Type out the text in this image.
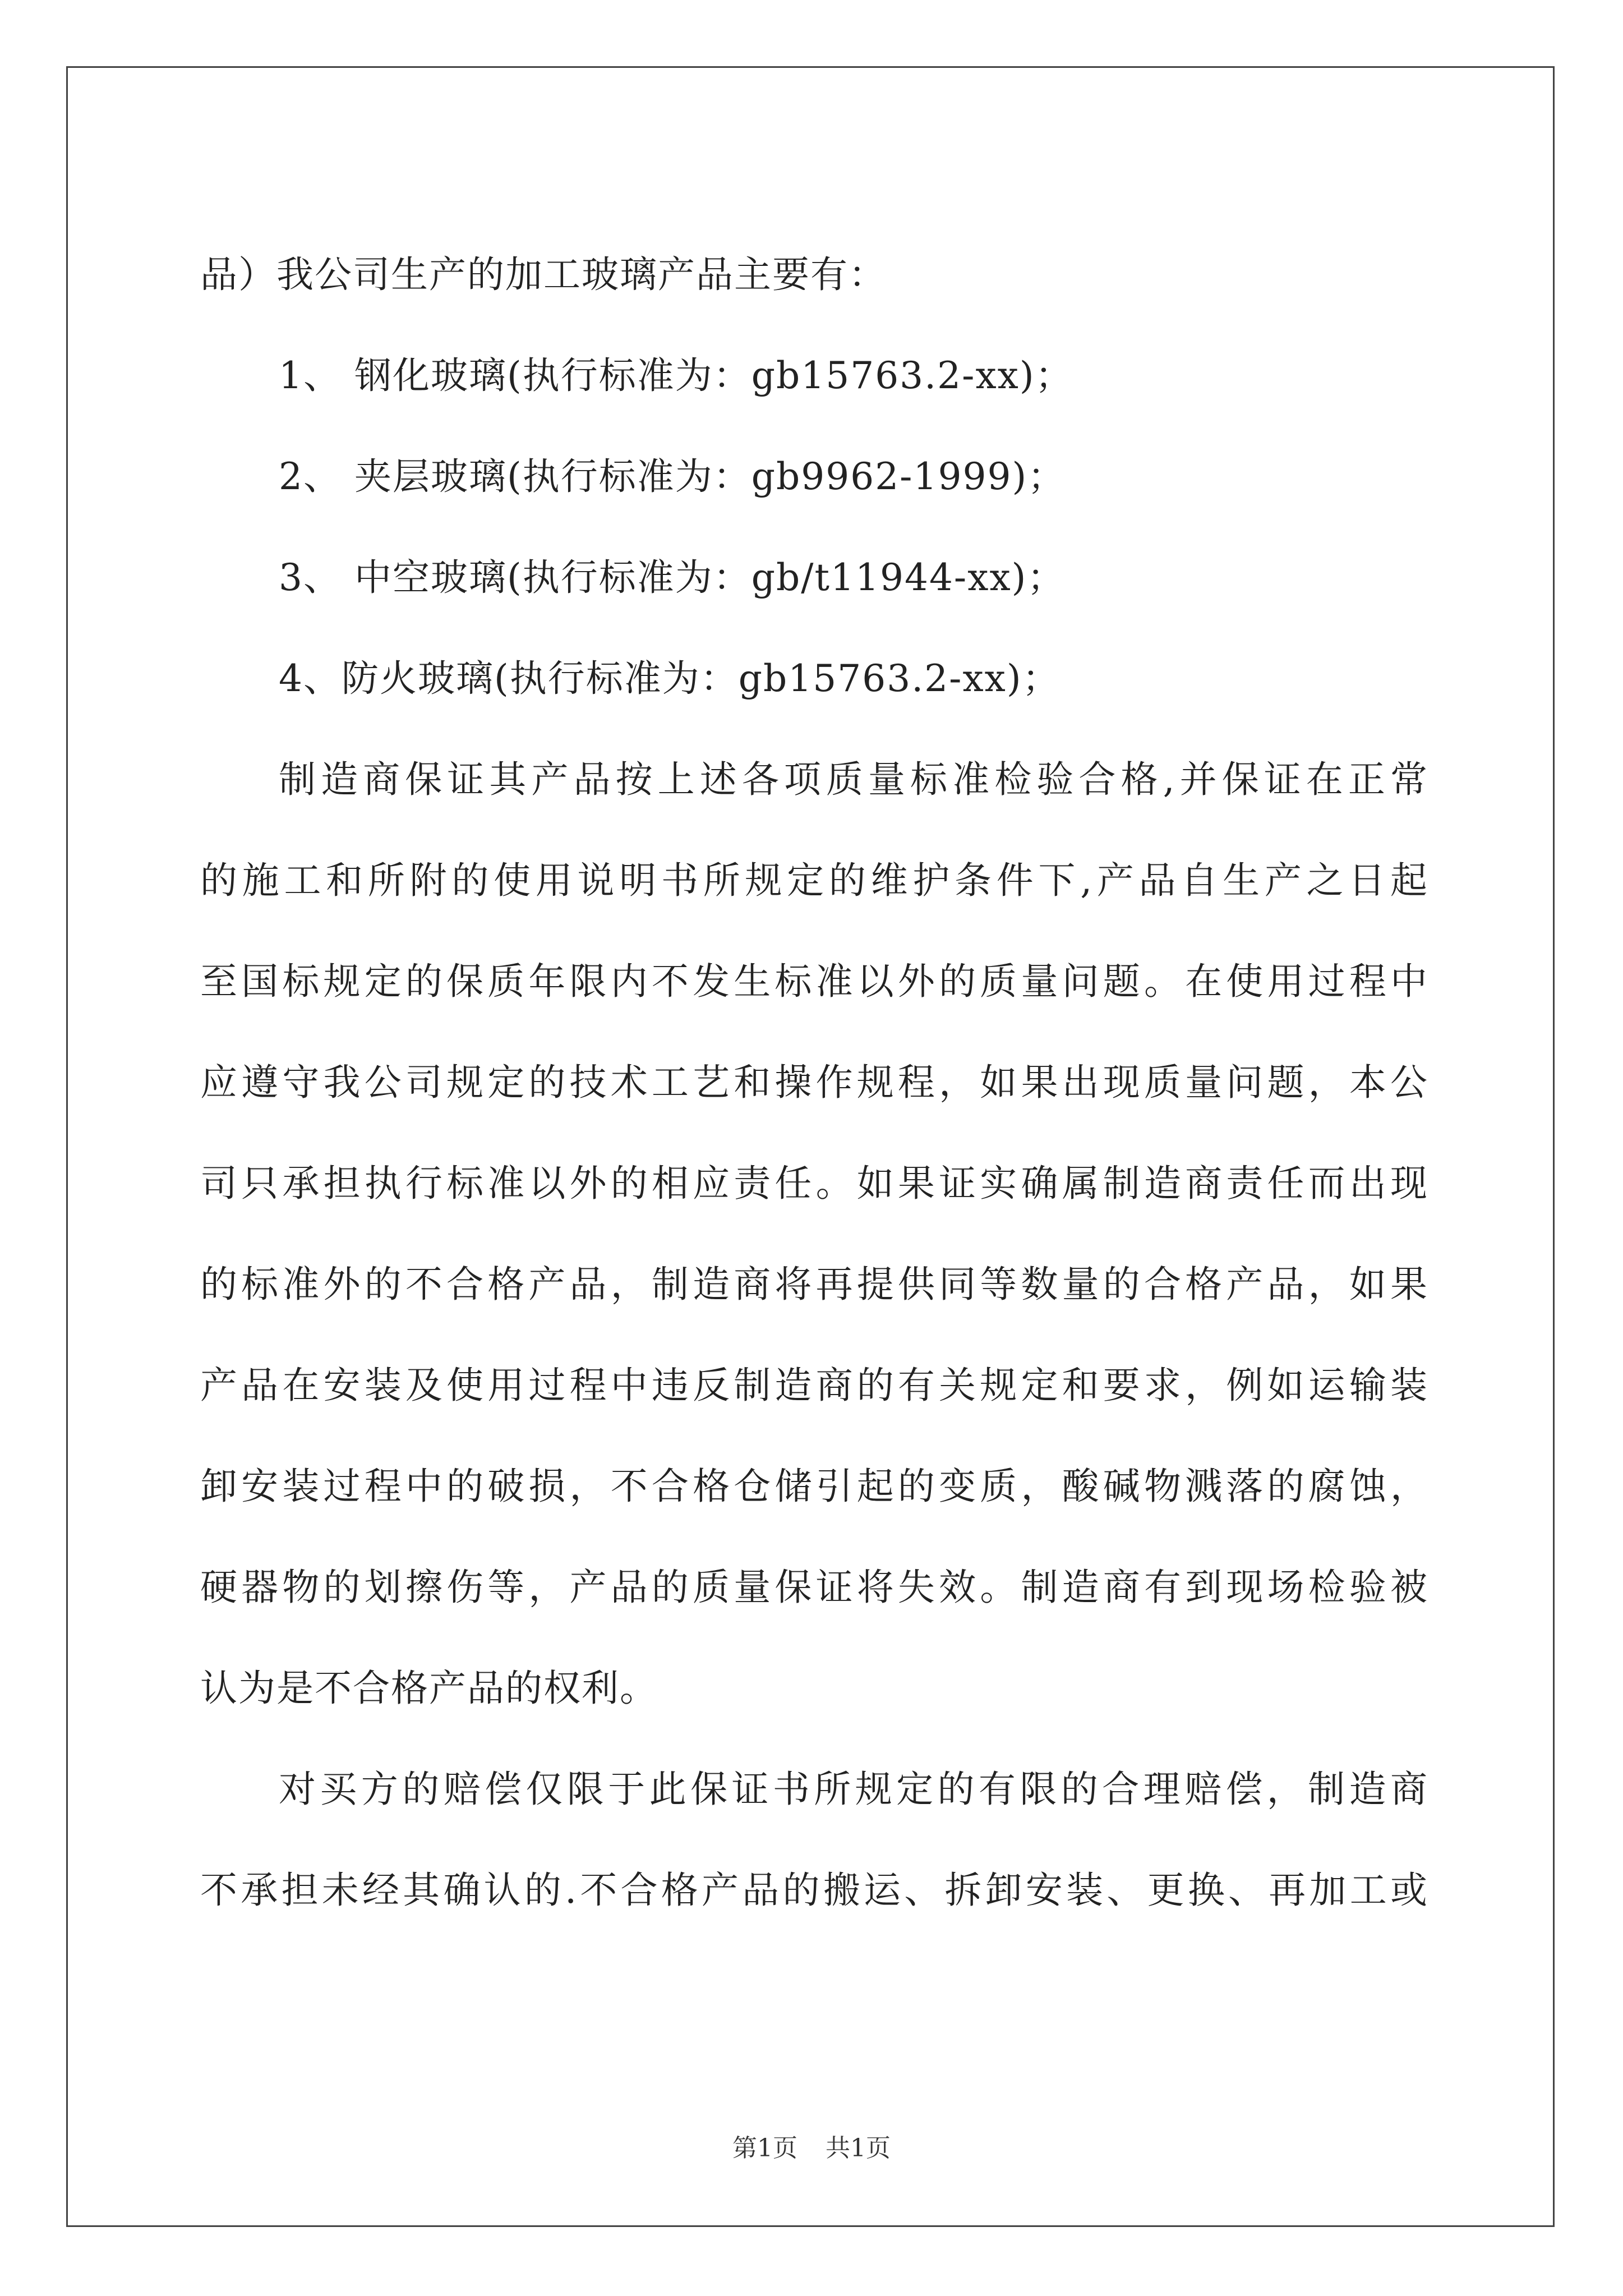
品）我公司生产的加工玻璃产品主要有：
1、 钢化玻璃(执行标准为：gb15763.2-xx)；
2、 夹层玻璃(执行标准为：gb9962-1999)；
3、 中空玻璃(执行标准为：gb/t11944-xx)；
4、防火玻璃(执行标准为：gb15763.2-xx)；
制造商保证其产品按上述各项质量标准检验合格,并保证在正常
的施工和所附的使用说明书所规定的维护条件下,产品自生产之日起
至国标规定的保质年限内不发生标准以外的质量问题。在使用过程中
应遵守我公司规定的技术工艺和操作规程，如果出现质量问题，本公
司只承担执行标准以外的相应责任。如果证实确属制造商责任而出现
的标准外的不合格产品，制造商将再提供同等数量的合格产品，如果
产品在安装及使用过程中违反制造商的有关规定和要求，例如运输装
卸安装过程中的破损，不合格仓储引起的变质，酸碱物溅落的腐蚀，
硬器物的划擦伤等，产品的质量保证将失效。制造商有到现场检验被
认为是不合格产品的权利。
对买方的赔偿仅限于此保证书所规定的有限的合理赔偿，制造商
不承担未经其确认的.不合格产品的搬运、拆卸安装、更换、再加工或
第1页 共1页
